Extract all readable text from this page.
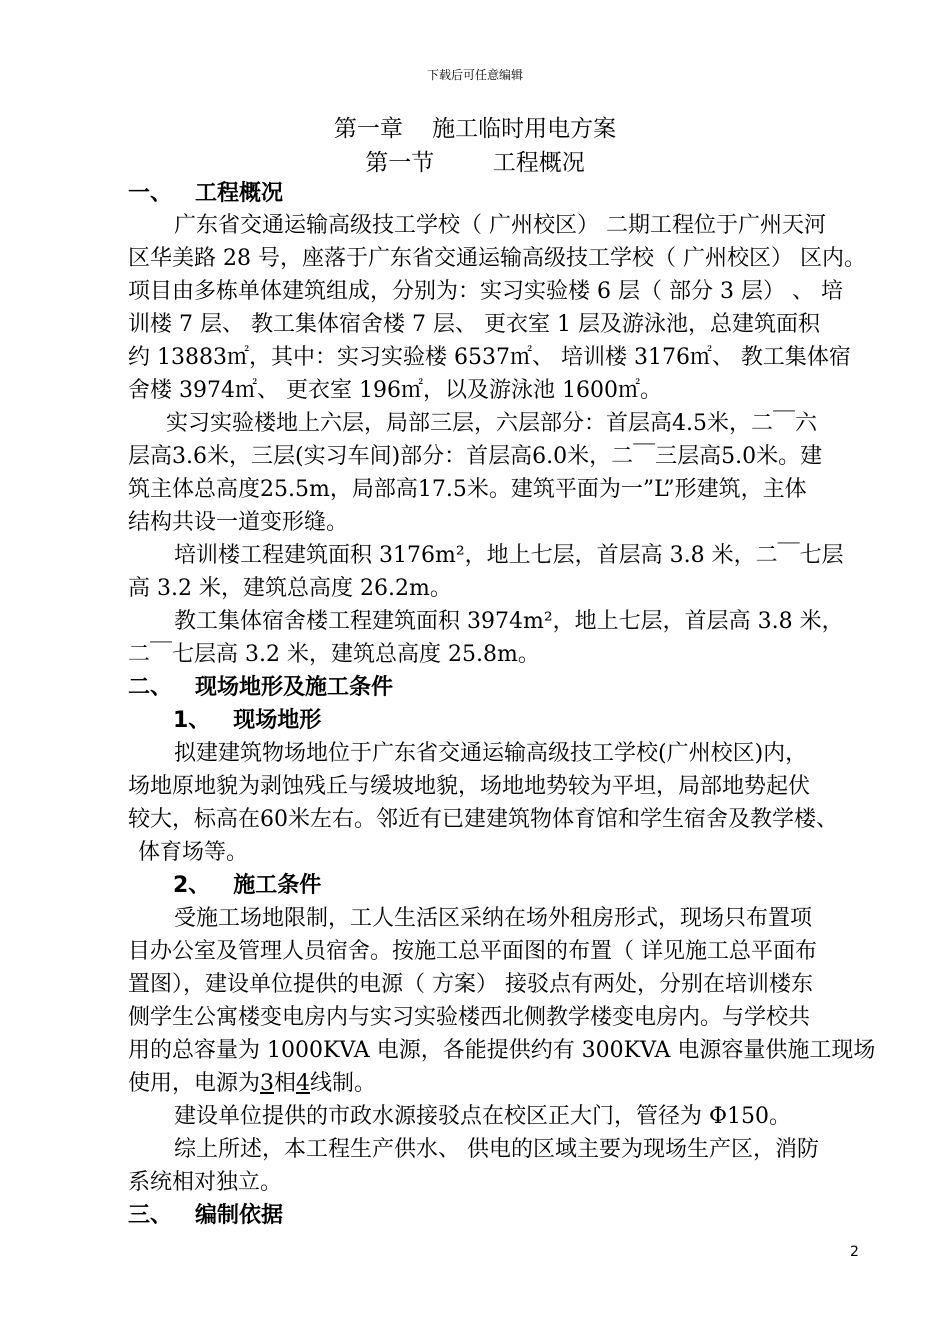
下载后可任意编辑
第一章    施工临时用电方案
第一节        工程概况
一、   工程概况
广东省交通运输高级技工学校（ 广州校区） 二期工程位于广州天河
区华美路 28 号，座落于广东省交通运输高级技工学校（ 广州校区） 区内。
项目由多栋单体建筑组成，分别为：实习实验楼 6 层（ 部分 3 层） 、 培
训楼 7 层、 教工集体宿舍楼 7 层、 更衣室 1 层及游泳池，总建筑面积
约 13883㎡，其中：实习实验楼 6537㎡、 培训楼 3176㎡、 教工集体宿
舍楼 3974㎡、 更衣室 196㎡，以及游泳池 1600㎡。
实习实验楼地上六层，局部三层，六层部分：首层高4.5米，二￣六
层高3.6米，三层(实习车间)部分：首层高6.0米，二￣三层高5.0米。建
筑主体总高度25.5m，局部高17.5米。建筑平面为一”L”形建筑，主体
结构共设一道变形缝。
培训楼工程建筑面积 3176m²，地上七层，首层高 3.8 米，二￣七层
高 3.2 米，建筑总高度 26.2m。
教工集体宿舍楼工程建筑面积 3974m²，地上七层，首层高 3.8 米，
二￣七层高 3.2 米，建筑总高度 25.8m。
二、   现场地形及施工条件
1、   现场地形
拟建建筑物场地位于广东省交通运输高级技工学校(广州校区)内，
场地原地貌为剥蚀残丘与缓坡地貌，场地地势较为平坦，局部地势起伏
较大，标高在60米左右。邻近有已建建筑物体育馆和学生宿舍及教学楼、
体育场等。
2、   施工条件
受施工场地限制，工人生活区采纳在场外租房形式，现场只布置项
目办公室及管理人员宿舍。按施工总平面图的布置（ 详见施工总平面布
置图），建设单位提供的电源（ 方案） 接驳点有两处，分别在培训楼东
侧学生公寓楼变电房内与实习实验楼西北侧教学楼变电房内。与学校共
用的总容量为 1000KVA 电源，各能提供约有 300KVA 电源容量供施工现场
使用，电源为3相4线制。
建设单位提供的市政水源接驳点在校区正大门，管径为 Φ150。
综上所述，本工程生产供水、 供电的区域主要为现场生产区，消防
系统相对独立。
三、   编制依据
2
